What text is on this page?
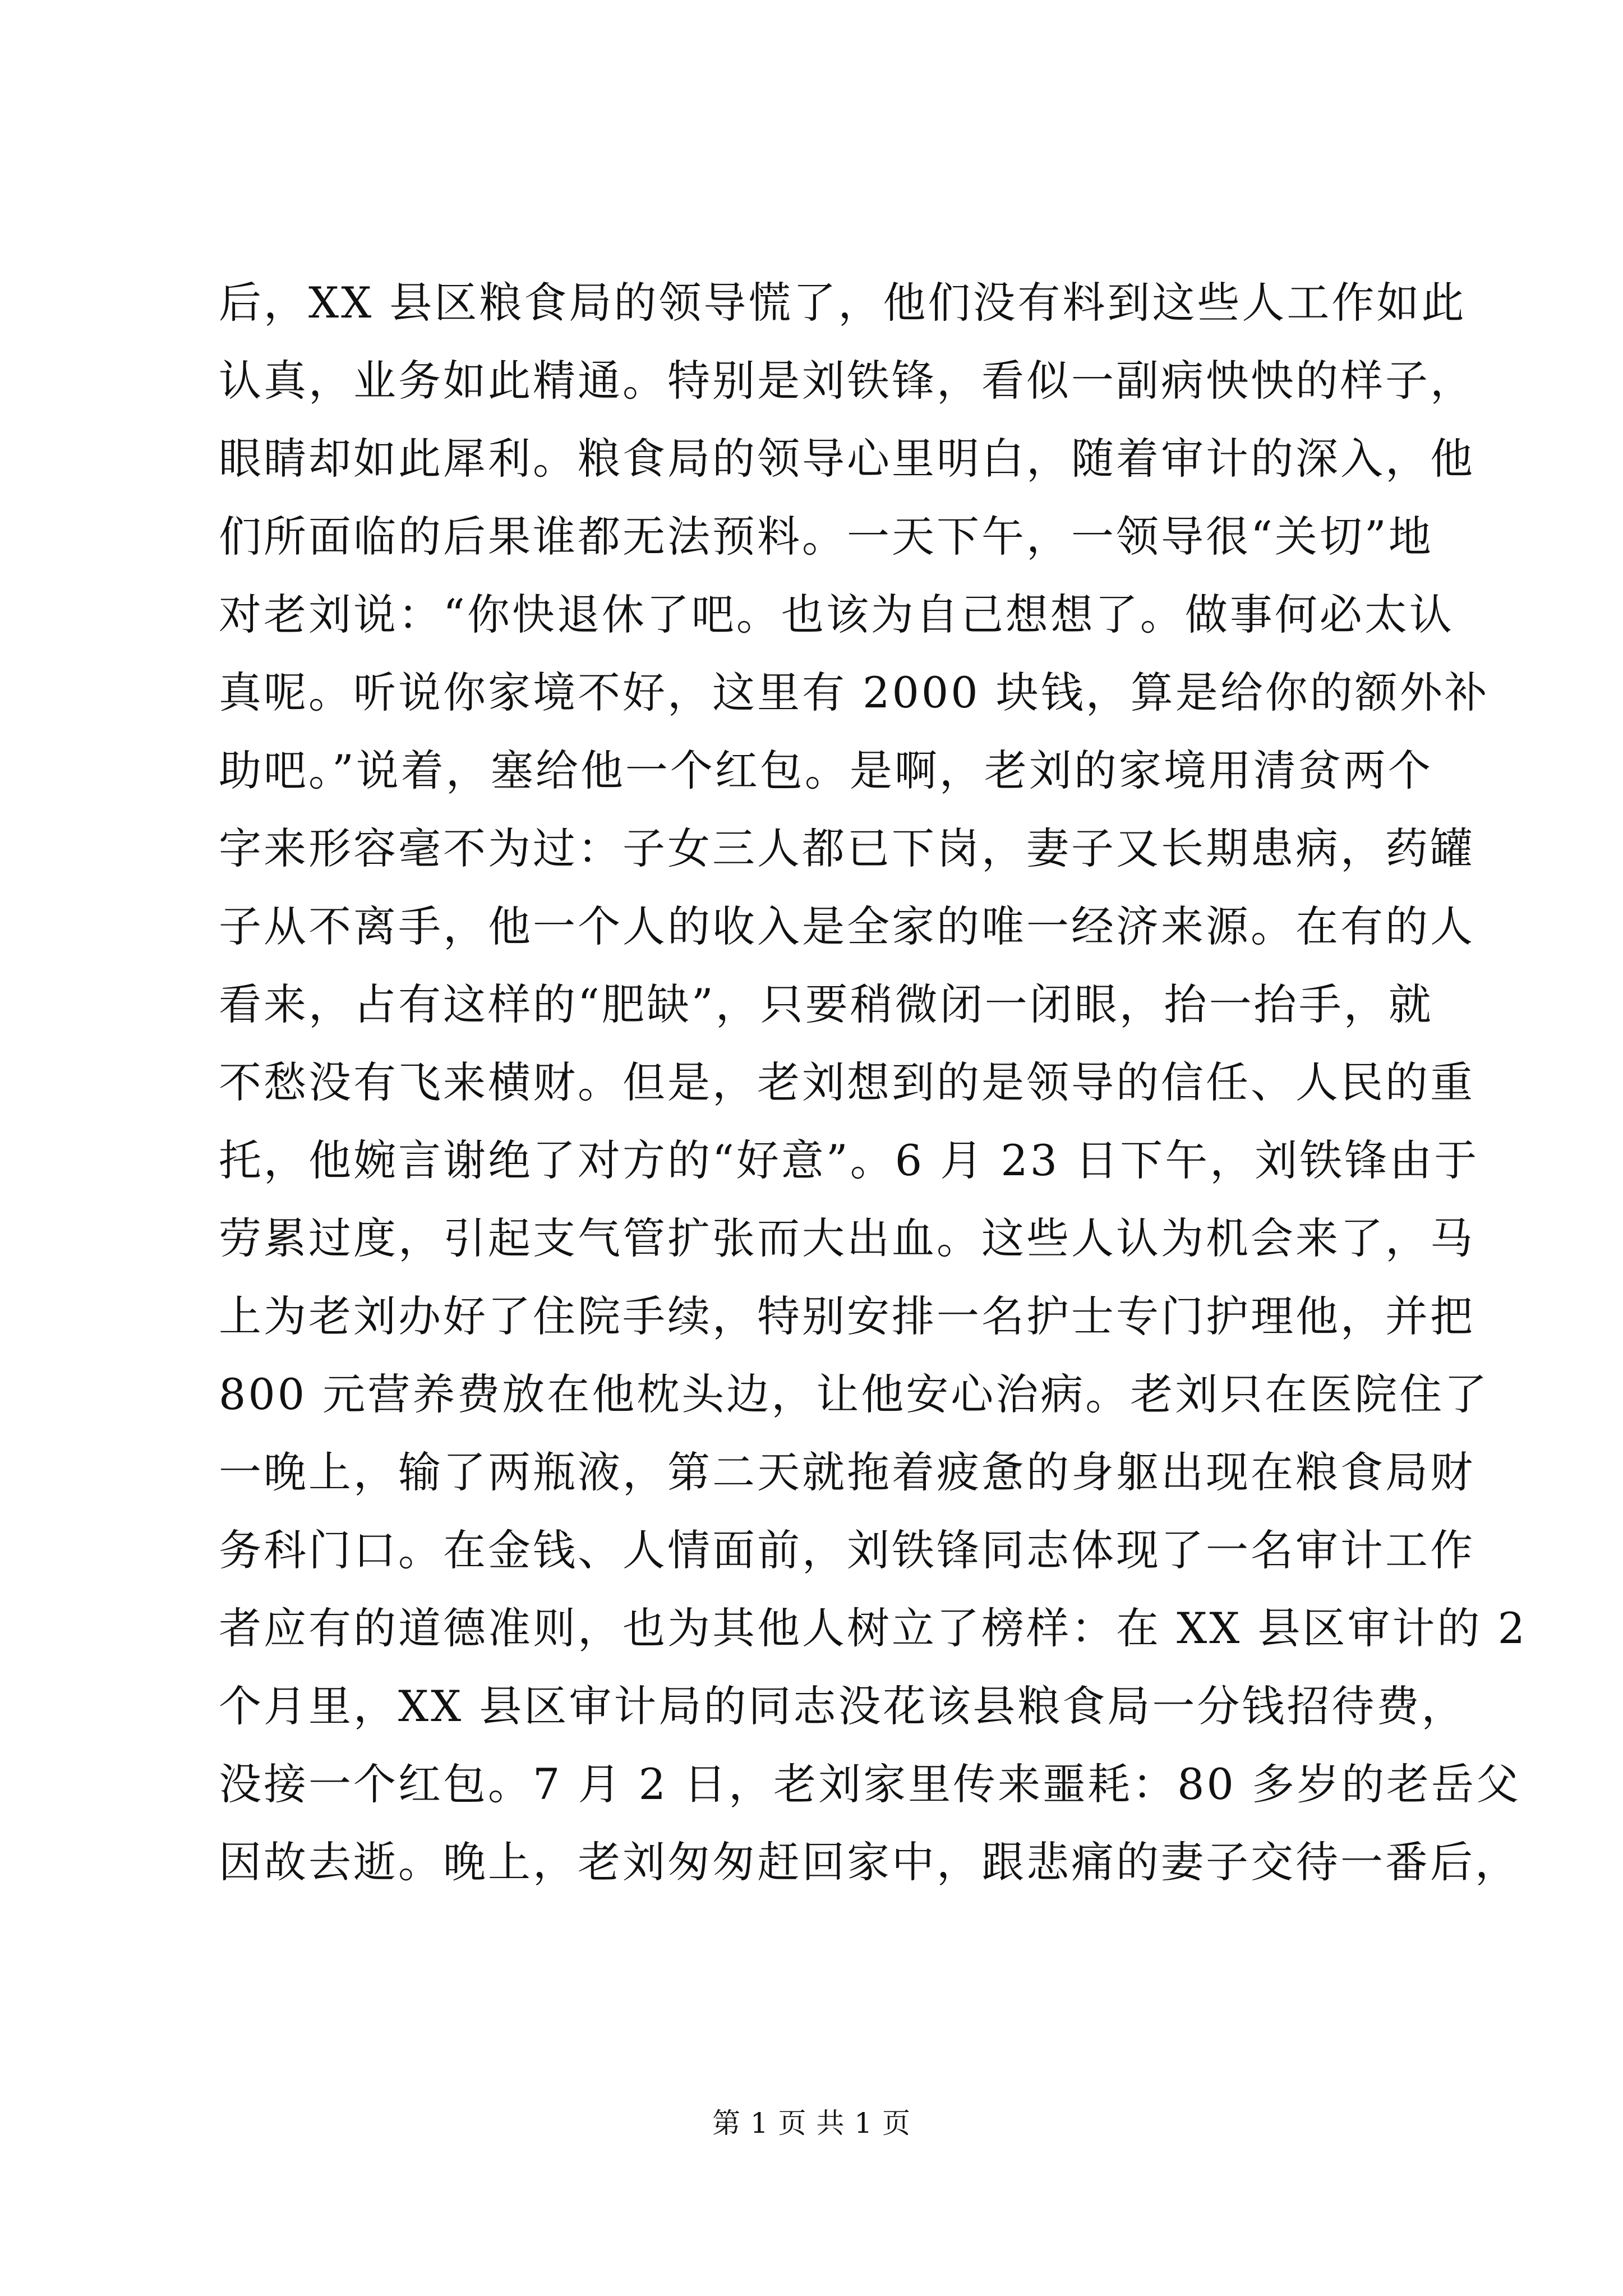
后，XX 县区粮食局的领导慌了，他们没有料到这些人工作如此
认真，业务如此精通。特别是刘铁锋，看似一副病怏怏的样子，
眼睛却如此犀利。粮食局的领导心里明白，随着审计的深入，他
们所面临的后果谁都无法预料。一天下午，一领导很“关切”地
对老刘说：“你快退休了吧。也该为自己想想了。做事何必太认
真呢。听说你家境不好，这里有 2000 块钱，算是给你的额外补
助吧。”说着，塞给他一个红包。是啊，老刘的家境用清贫两个
字来形容毫不为过：子女三人都已下岗，妻子又长期患病，药罐
子从不离手，他一个人的收入是全家的唯一经济来源。在有的人
看来，占有这样的“肥缺”，只要稍微闭一闭眼，抬一抬手，就
不愁没有飞来横财。但是，老刘想到的是领导的信任、人民的重
托，他婉言谢绝了对方的“好意”。6 月 23 日下午，刘铁锋由于
劳累过度，引起支气管扩张而大出血。这些人认为机会来了，马
上为老刘办好了住院手续，特别安排一名护士专门护理他，并把
800 元营养费放在他枕头边，让他安心治病。老刘只在医院住了
一晚上，输了两瓶液，第二天就拖着疲惫的身躯出现在粮食局财
务科门口。在金钱、人情面前，刘铁锋同志体现了一名审计工作
者应有的道德准则，也为其他人树立了榜样：在 XX 县区审计的 2
个月里，XX 县区审计局的同志没花该县粮食局一分钱招待费，
没接一个红包。7 月 2 日，老刘家里传来噩耗：80 多岁的老岳父
因故去逝。晚上，老刘匆匆赶回家中，跟悲痛的妻子交待一番后，
第 1 页 共 1 页
